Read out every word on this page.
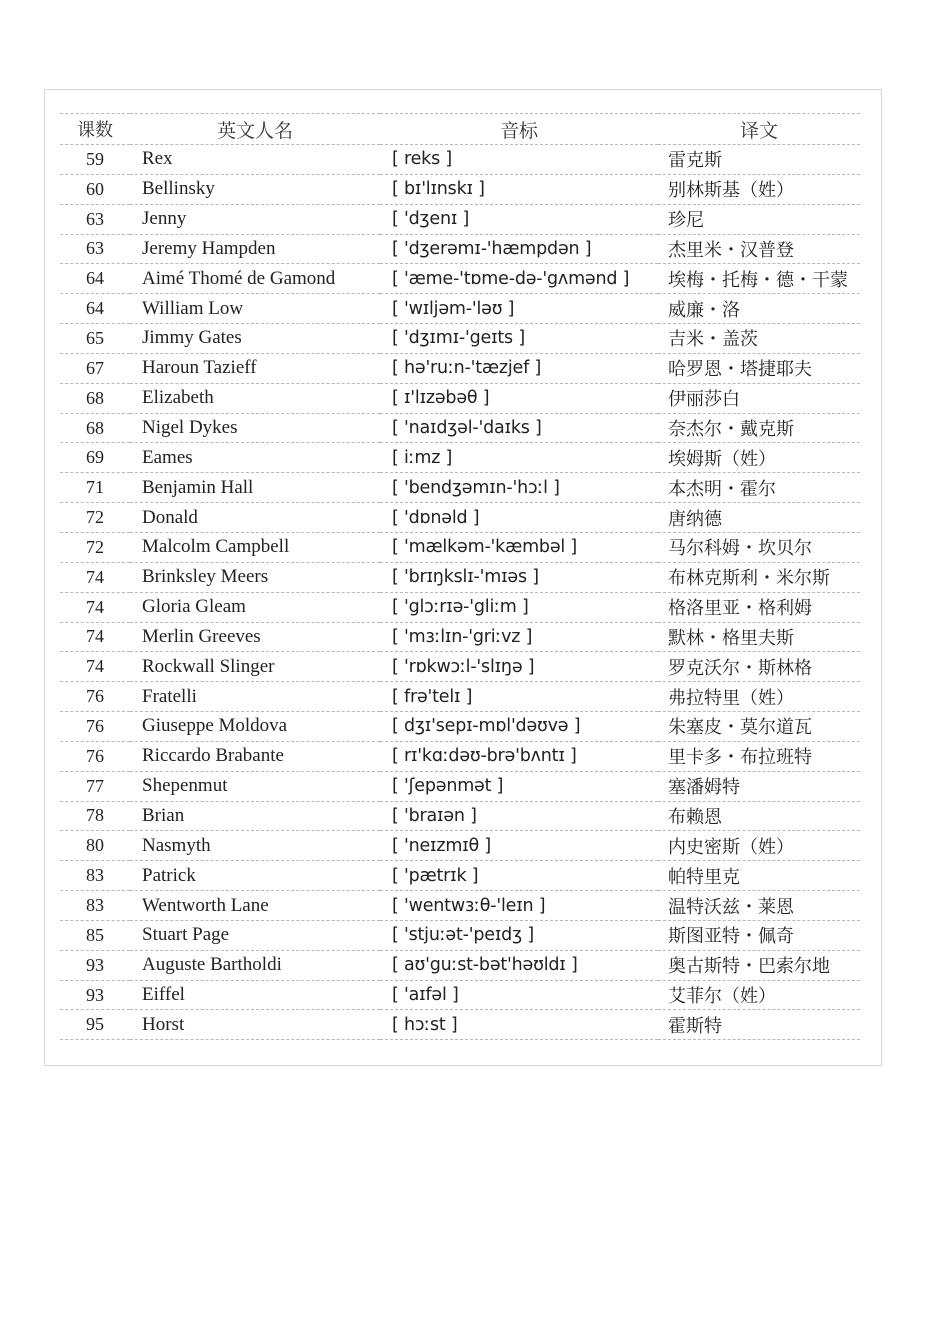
课数	英文人名	音标	译文
59	Rex	[ reks ]	雷克斯
60	Bellinsky	[ bɪ'lɪnskɪ ]	别林斯基（姓）
63	Jenny	[ 'dʒenɪ ]	珍尼
63	Jeremy Hampden	[ 'dʒerəmɪ-'hæmpdən ]	杰里米・汉普登
64	Aimé Thomé de Gamond	[ 'æme-'tɒme-də-'gʌmənd ]	埃梅・托梅・德・干蒙
64	William Low	[ 'wɪljəm-'ləʊ ]	威廉・洛
65	Jimmy Gates	[ 'dʒɪmɪ-'geɪts ]	吉米・盖茨
67	Haroun Tazieff	[ hə'ruːn-'tæzjef ]	哈罗恩・塔捷耶夫
68	Elizabeth	[ ɪ'lɪzəbəθ ]	伊丽莎白
68	Nigel Dykes	[ 'naɪdʒəl-'daɪks ]	奈杰尔・戴克斯
69	Eames	[ iːmz ]	埃姆斯（姓）
71	Benjamin Hall	[ 'bendʒəmɪn-'hɔːl ]	本杰明・霍尔
72	Donald	[ 'dɒnəld ]	唐纳德
72	Malcolm Campbell	[ 'mælkəm-'kæmbəl ]	马尔科姆・坎贝尔
74	Brinksley Meers	[ 'brɪŋkslɪ-'mɪəs ]	布林克斯利・米尔斯
74	Gloria Gleam	[ 'glɔːrɪə-'gliːm ]	格洛里亚・格利姆
74	Merlin Greeves	[ 'mɜːlɪn-'griːvz ]	默林・格里夫斯
74	Rockwall Slinger	[ 'rɒkwɔːl-'slɪŋə ]	罗克沃尔・斯林格
76	Fratelli	[ frə'telɪ ]	弗拉特里（姓）
76	Giuseppe Moldova	[ dʒɪ'sepɪ-mɒl'dəʊvə ]	朱塞皮・莫尔道瓦
76	Riccardo Brabante	[ rɪ'kɑːdəʊ-brə'bʌntɪ ]	里卡多・布拉班特
77	Shepenmut	[ 'ʃepənmət ]	塞潘姆特
78	Brian	[ 'braɪən ]	布赖恩
80	Nasmyth	[ 'neɪzmɪθ ]	内史密斯（姓）
83	Patrick	[ 'pætrɪk ]	帕特里克
83	Wentworth Lane	[ 'wentwɜːθ-'leɪn ]	温特沃兹・莱恩
85	Stuart Page	[ 'stjuːət-'peɪdʒ ]	斯图亚特・佩奇
93	Auguste Bartholdi	[ aʊ'guːst-bət'həʊldɪ ]	奥古斯特・巴索尔地
93	Eiffel	[ 'aɪfəl ]	艾菲尔（姓）
95	Horst	[ hɔːst ]	霍斯特
